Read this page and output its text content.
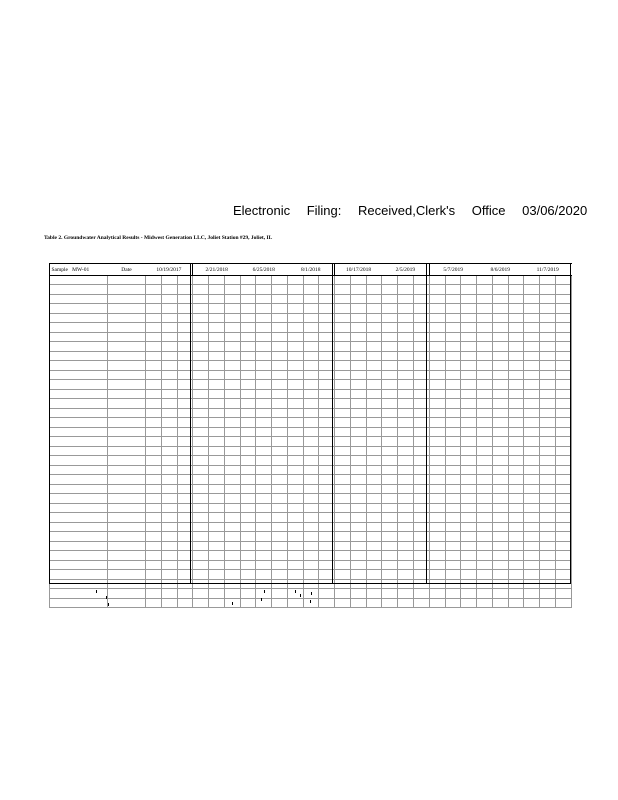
Electronic Filing: Received,Clerk's Office 03/06/2020
Table 2. Groundwater Analytical Results - Midwest Generation LLC, Joliet Station #29, Joliet, IL
Sample MW-01	Date	10/19/2017			2/21/2018			6/25/2018			8/1/2018			10/17/2018			2/5/2019			5/7/2019			8/6/2019			11/7/2019		
